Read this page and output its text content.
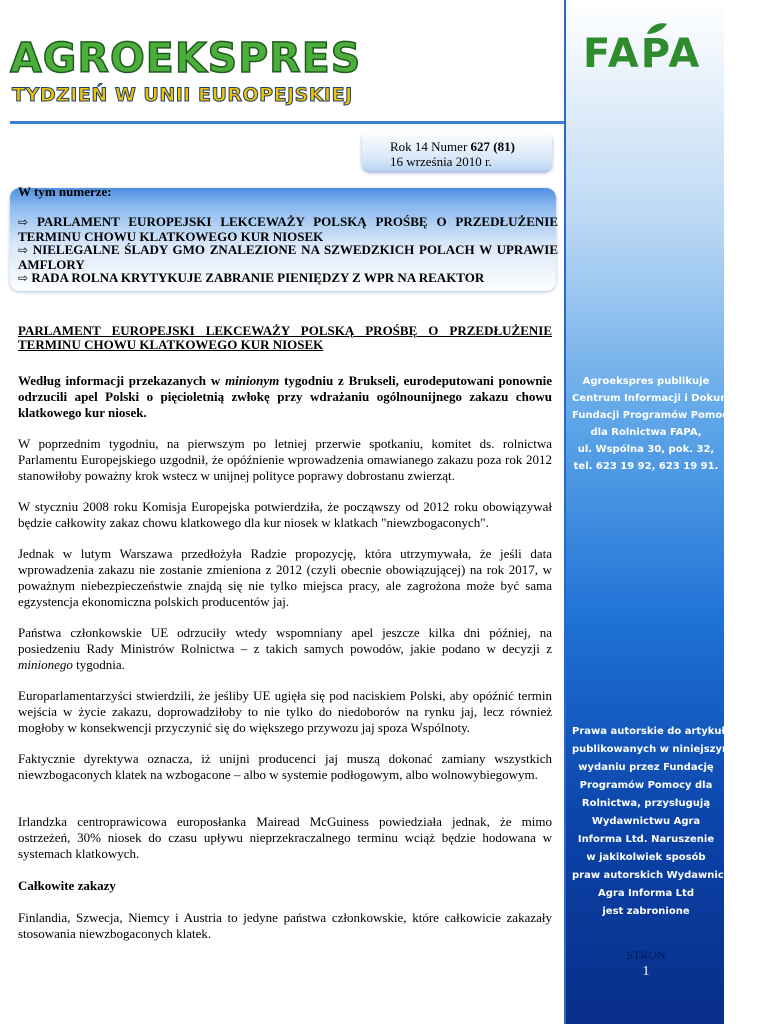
AGROEKSPRES
TYDZIEŃ W UNII EUROPEJSKIEJ
FAPA
Agroekspres publikuje
Centrum Informacji i Dokumentacji
Fundacji Programów Pomocy
dla Rolnictwa FAPA,
ul. Wspólna 30, pok. 32,
tel. 623 19 92, 623 19 91.
Prawa autorskie do artykułów,
publikowanych w niniejszym
wydaniu przez Fundację
Programów Pomocy dla
Rolnictwa, przysługują
Wydawnictwu Agra
Informa Ltd. Naruszenie
w jakikolwiek sposób
praw autorskich Wydawnictwa
Agra Informa Ltd
jest zabronione
STRON
1
Rok 14 Numer 627 (81)
16 września 2010 r.
W tym numerze:
⇨ PARLAMENT EUROPEJSKI LEKCEWAŻY POLSKĄ PROŚBĘ O PRZEDŁUŻENIE TERMINU CHOWU KLATKOWEGO KUR NIOSEK
⇨ NIELEGALNE ŚLADY GMO ZNALEZIONE NA SZWEDZKICH POLACH W UPRAWIE AMFLORY
⇨ RADA ROLNA KRYTYKUJE ZABRANIE PIENIĘDZY Z WPR NA REAKTOR
PARLAMENT EUROPEJSKI LEKCEWAŻY POLSKĄ PROŚBĘ O PRZEDŁUŻENIE TERMINU CHOWU KLATKOWEGO KUR NIOSEK
Według informacji przekazanych w minionym tygodniu z Brukseli, eurodeputowani ponownie odrzucili apel Polski o pięcioletnią zwłokę przy wdrażaniu ogólnounijnego zakazu chowu klatkowego kur niosek.
W poprzednim tygodniu, na pierwszym po letniej przerwie spotkaniu, komitet ds. rolnictwa Parlamentu Europejskiego uzgodnił, że opóźnienie wprowadzenia omawianego zakazu poza rok 2012 stanowiłoby poważny krok wstecz w unijnej polityce poprawy dobrostanu zwierząt.
W styczniu 2008 roku Komisja Europejska potwierdziła, że począwszy od 2012 roku obowiązywał będzie całkowity zakaz chowu klatkowego dla kur niosek w klatkach "niewzbogaconych".
Jednak w lutym Warszawa przedłożyła Radzie propozycję, która utrzymywała, że jeśli data wprowadzenia zakazu nie zostanie zmieniona z 2012 (czyli obecnie obowiązującej) na rok 2017, w poważnym niebezpieczeństwie znajdą się nie tylko miejsca pracy, ale zagrożona może być sama egzystencja ekonomiczna polskich producentów jaj.
Państwa członkowskie UE odrzuciły wtedy wspomniany apel jeszcze kilka dni później, na posiedzeniu Rady Ministrów Rolnictwa – z takich samych powodów, jakie podano w decyzji z minionego tygodnia.
Europarlamentarzyści stwierdzili, że jeśliby UE ugięła się pod naciskiem Polski, aby opóźnić termin wejścia w życie zakazu, doprowadziłoby to nie tylko do niedoborów na rynku jaj, lecz również mogłoby w konsekwencji przyczynić się do większego przywozu jaj spoza Wspólnoty.
Faktycznie dyrektywa oznacza, iż unijni producenci jaj muszą dokonać zamiany wszystkich niewzbogaconych klatek na wzbogacone – albo w systemie podłogowym, albo wolnowybiegowym.
Irlandzka centroprawicowa europosłanka Mairead McGuiness powiedziała jednak, że mimo ostrzeżeń, 30% niosek do czasu upływu nieprzekraczalnego terminu wciąż będzie hodowana w systemach klatkowych.
Całkowite zakazy
Finlandia, Szwecja, Niemcy i Austria to jedyne państwa członkowskie, które całkowicie zakazały stosowania niewzbogaconych klatek.
